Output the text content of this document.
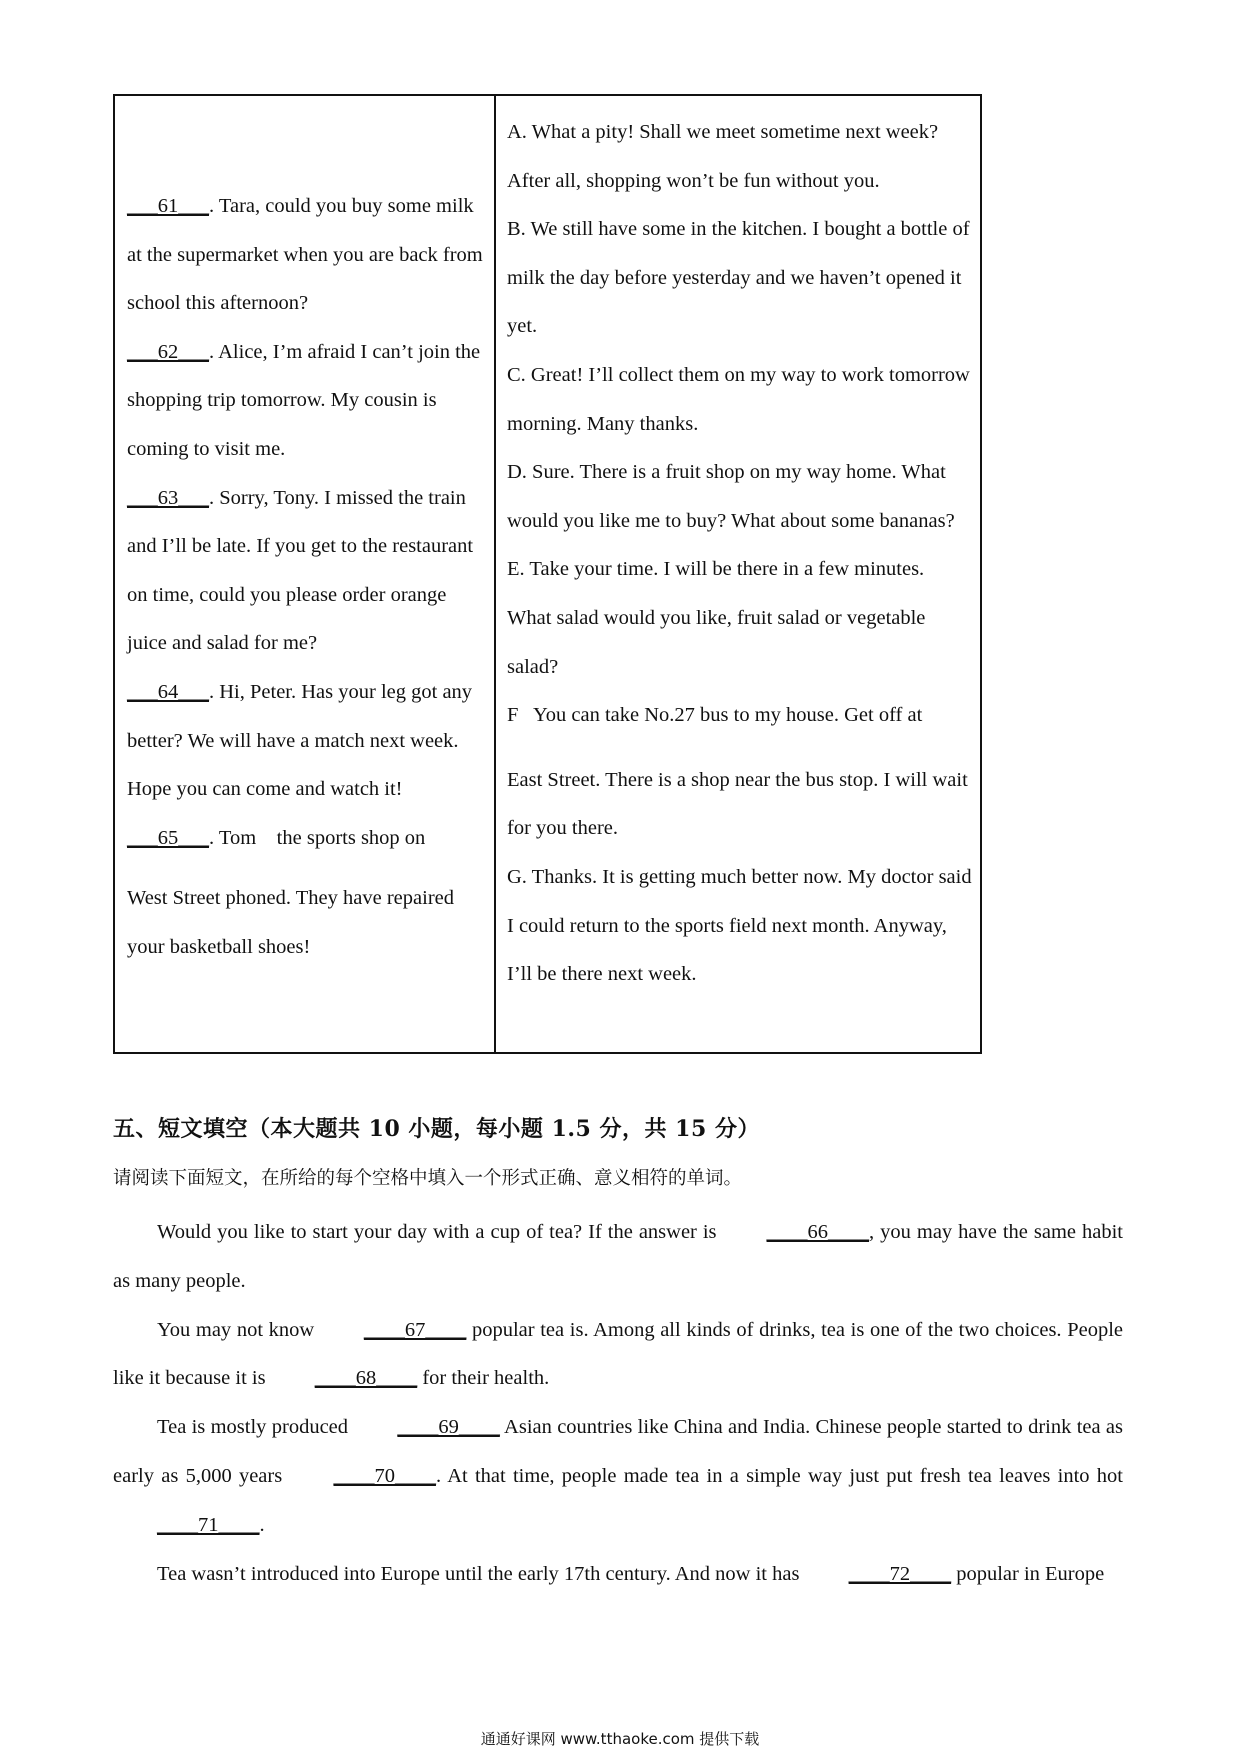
___61___. Tara, could you buy some milk at the supermarket when you are back from school this afternoon?

___62___. Alice, I’m afraid I can’t join the shopping trip tomorrow. My cousin is coming to visit me.

___63___. Sorry, Tony. I missed the train and I’ll be late. If you get to the restaurant on time, could you please order orange juice and salad for me?

___64___. Hi, Peter. Has your leg got any better? We will have a match next week. Hope you can come and watch it!

___65___. Tom    the sports shop on

West Street phoned. They have repaired your basketball shoes!

A. What a pity! Shall we meet sometime next week? After all, shopping won’t be fun without you.

B. We still have some in the kitchen. I bought a bottle of milk the day before yesterday and we haven’t opened it yet.

C. Great! I’ll collect them on my way to work tomorrow morning. Many thanks.

D. Sure. There is a fruit shop on my way home. What would you like me to buy? What about some bananas?

E. Take your time. I will be there in a few minutes. What salad would you like, fruit salad or vegetable salad?

F   You can take No.27 bus to my house. Get off at

East Street. There is a shop near the bus stop. I will wait for you there.

G. Thanks. It is getting much better now. My doctor said I could return to the sports field next month. Anyway, I’ll be there next week.

五、短文填空（本大题共 10 小题，每小题 1.5 分，共 15 分）
请阅读下面短文，在所给的每个空格中填入一个形式正确、意义相符的单词。

Would you like to start your day with a cup of tea? If the answer is ____66____, you may have the same habit as many people.

You may not know ____67____ popular tea is. Among all kinds of drinks, tea is one of the two choices. People like it because it is ____68____ for their health.

Tea is mostly produced ____69____ Asian countries like China and India. Chinese people started to drink tea as early as 5,000 years ____70____. At that time, people made tea in a simple way just put fresh tea leaves into hot ____71____.

Tea wasn’t introduced into Europe until the early 17th century. And now it has ____72____ popular in Europe

通通好课网 www.tthaoke.com 提供下载
